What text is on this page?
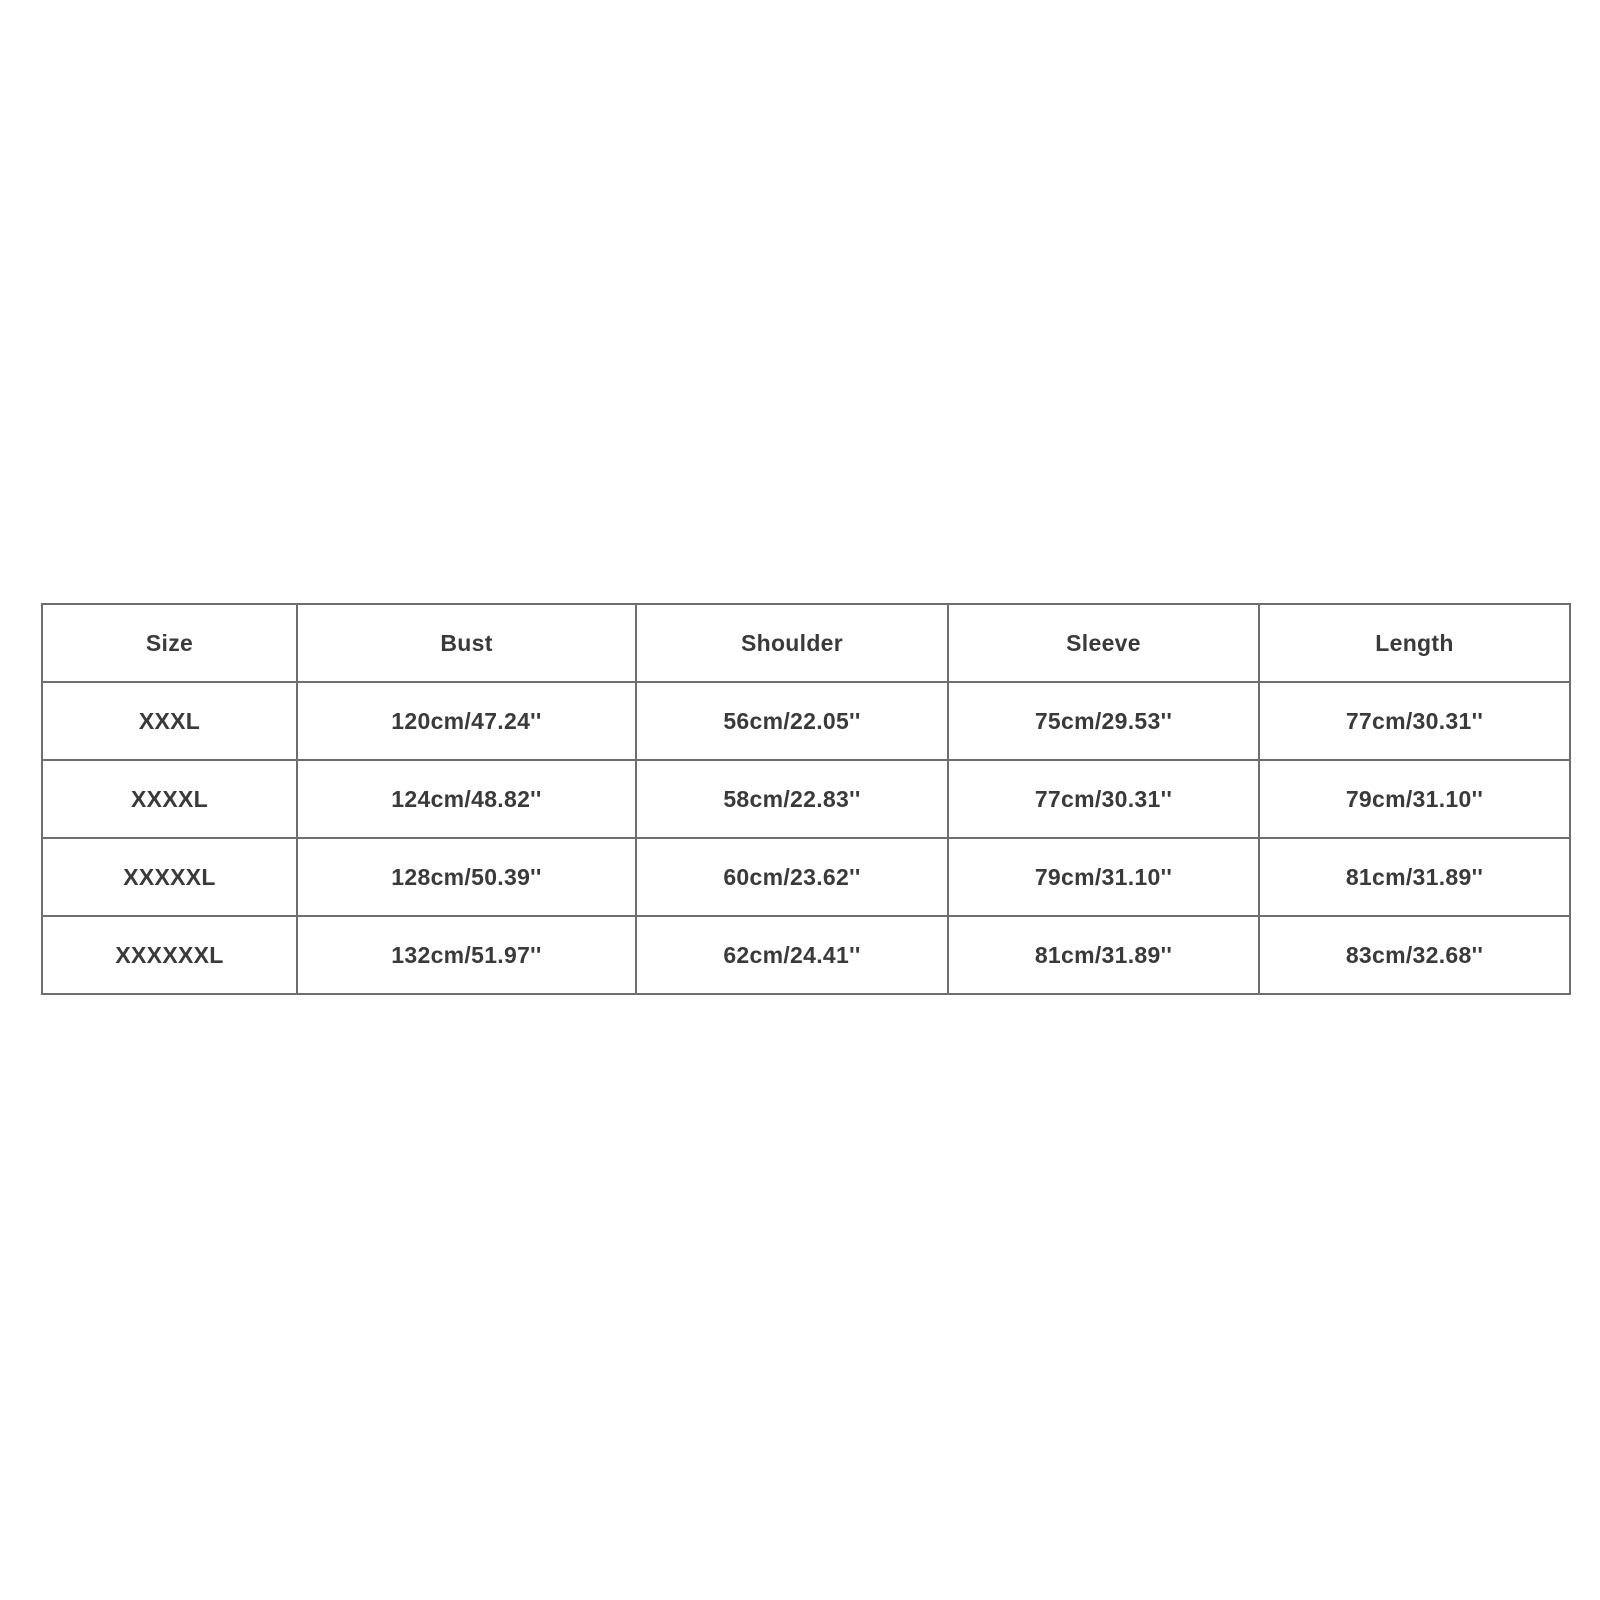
Size	Bust	Shoulder	Sleeve	Length
XXXL	120cm/47.24''	56cm/22.05''	75cm/29.53''	77cm/30.31''
XXXXL	124cm/48.82''	58cm/22.83''	77cm/30.31''	79cm/31.10''
XXXXXL	128cm/50.39''	60cm/23.62''	79cm/31.10''	81cm/31.89''
XXXXXXL	132cm/51.97''	62cm/24.41''	81cm/31.89''	83cm/32.68''
